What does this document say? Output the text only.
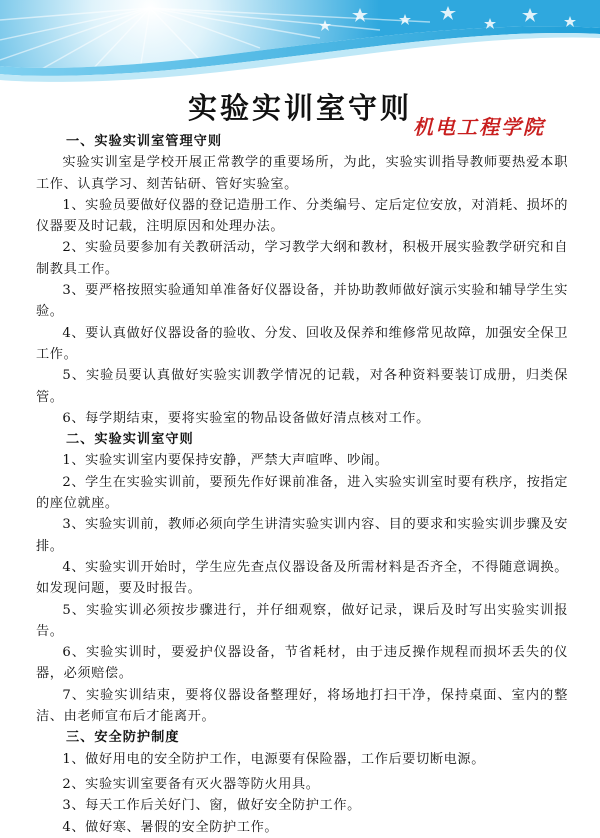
实验实训室守则
机电工程学院

一、实验实训室管理守则

实验实训室是学校开展正常教学的重要场所，为此，实验实训指导教师要热爱本职工作、认真学习、刻苦钻研、管好实验室。

1、实验员要做好仪器的登记造册工作、分类编号、定后定位安放，对消耗、损坏的仪器要及时记载，注明原因和处理办法。

2、实验员要参加有关教研活动，学习教学大纲和教材，积极开展实验教学研究和自制教具工作。

3、要严格按照实验通知单准备好仪器设备，并协助教师做好演示实验和辅导学生实验。

4、要认真做好仪器设备的验收、分发、回收及保养和维修常见故障，加强安全保卫工作。

5、实验员要认真做好实验实训教学情况的记载，对各种资料要装订成册，归类保管。

6、每学期结束，要将实验室的物品设备做好清点核对工作。

二、实验实训室守则

1、实验实训室内要保持安静，严禁大声喧哗、吵闹。

2、学生在实验实训前，要预先作好课前准备，进入实验实训室时要有秩序，按指定的座位就座。

3、实验实训前，教师必须向学生讲清实验实训内容、目的要求和实验实训步骤及安排。

4、实验实训开始时，学生应先查点仪器设备及所需材料是否齐全，不得随意调换。如发现问题，要及时报告。

5、实验实训必须按步骤进行，并仔细观察，做好记录，课后及时写出实验实训报告。

6、实验实训时，要爱护仪器设备，节省耗材，由于违反操作规程而损坏丢失的仪器，必须赔偿。

7、实验实训结束，要将仪器设备整理好，将场地打扫干净，保持桌面、室内的整洁、由老师宣布后才能离开。

三、安全防护制度

1、做好用电的安全防护工作，电源要有保险器，工作后要切断电源。

2、实验实训室要备有灭火器等防火用具。

3、每天工作后关好门、窗，做好安全防护工作。

4、做好寒、暑假的安全防护工作。
